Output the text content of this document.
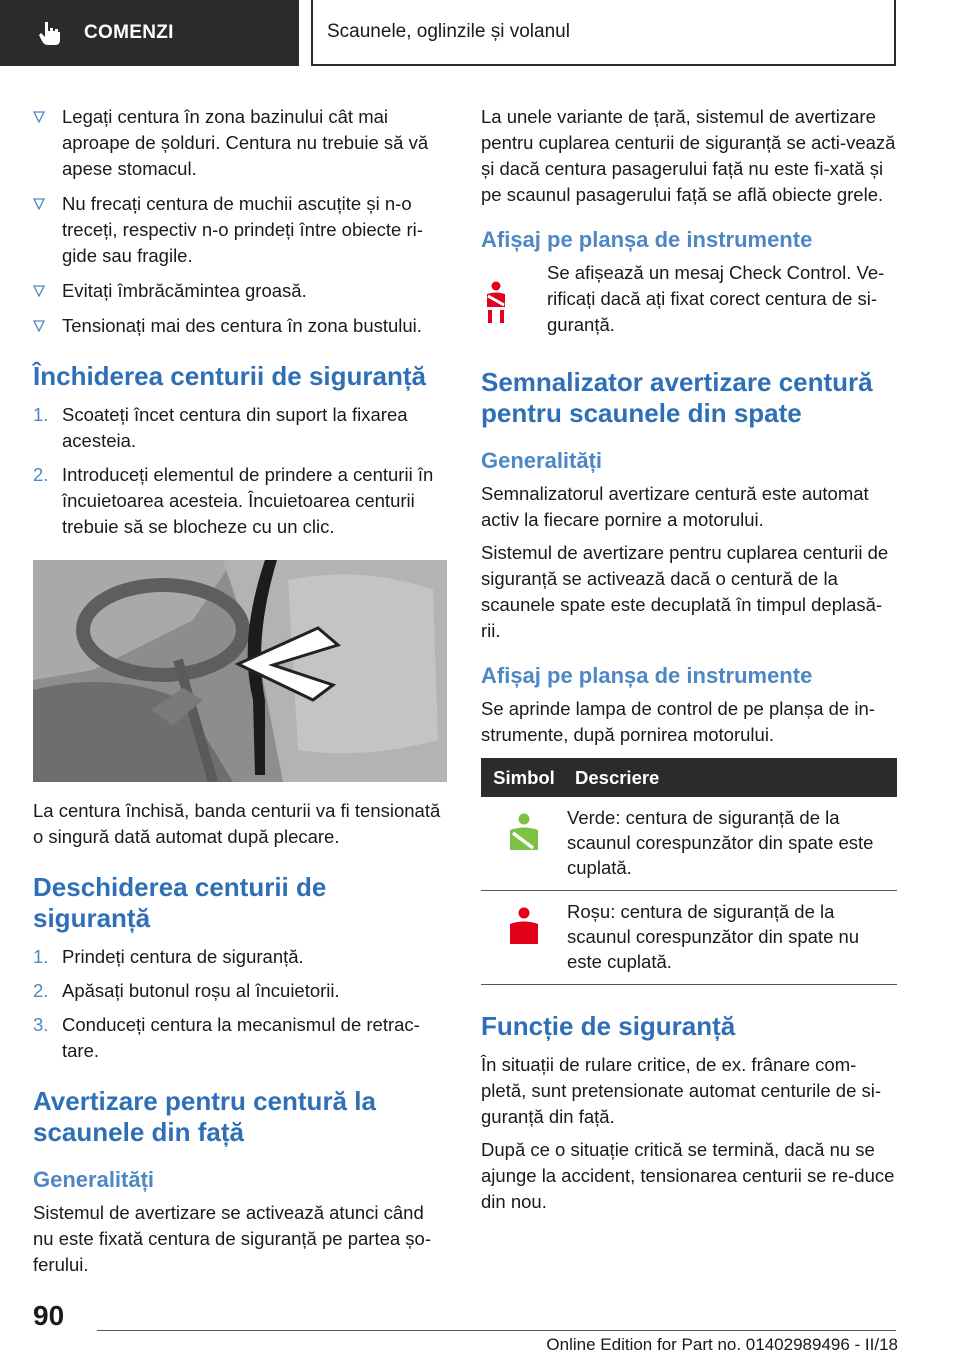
COMENZI	Scaunele, oglinzile și volanul
Legați centura în zona bazinului cât mai aproape de șolduri. Centura nu trebuie să vă apese stomacul.
Nu frecați centura de muchii ascuțite și n-o treceți, respectiv n-o prindeți între obiecte ri-gide sau fragile.
Evitați îmbrăcămintea groasă.
Tensionați mai des centura în zona bustului.
Închiderea centurii de siguranță
1. Scoateți încet centura din suport la fixarea acesteia.
2. Introduceți elementul de prindere a centurii în încuietoarea acesteia. Încuietoarea centurii trebuie să se blocheze cu un clic.

La centura închisă, banda centurii va fi tensionată o singură dată automat după plecare.

Deschiderea centurii de siguranță
1. Prindeți centura de siguranță.
2. Apăsați butonul roșu al încuietorii.
3. Conduceți centura la mecanismul de retrac-tare.
Avertizare pentru centură la scaunele din față
Generalități

Sistemul de avertizare se activează atunci când nu este fixată centura de siguranță pe partea șo-ferului.

La unele variante de țară, sistemul de avertizare pentru cuplarea centurii de siguranță se acti-vează și dacă centura pasagerului față nu este fi-xată și pe scaunul pasagerului față se află obiecte grele.

Afișaj pe planșa de instrumente

Se afișează un mesaj Check Control. Ve-rificați dacă ați fixat corect centura de si-guranță.

Semnalizator avertizare centură pentru scaunele din spate
Generalități

Semnalizatorul avertizare centură este automat activ la fiecare pornire a motorului.

Sistemul de avertizare pentru cuplarea centurii de siguranță se activează dacă o centură de la scaunele spate este decuplată în timpul deplasă-rii.

Afișaj pe planșa de instrumente

Se aprinde lampa de control de pe planșa de in-strumente, după pornirea motorului.

Simbol	Descriere
	Verde: centura de siguranță de la scaunul corespunzător din spate este cuplată.
	Roșu: centura de siguranță de la scaunul corespunzător din spate nu este cuplată.
Funcție de siguranță

În situații de rulare critice, de ex. frânare com-pletă, sunt pretensionate automat centurile de si-guranță din față.

După ce o situație critică se termină, dacă nu se ajunge la accident, tensionarea centurii se re-duce din nou.

90
Online Edition for Part no. 01402989496 - II/18
